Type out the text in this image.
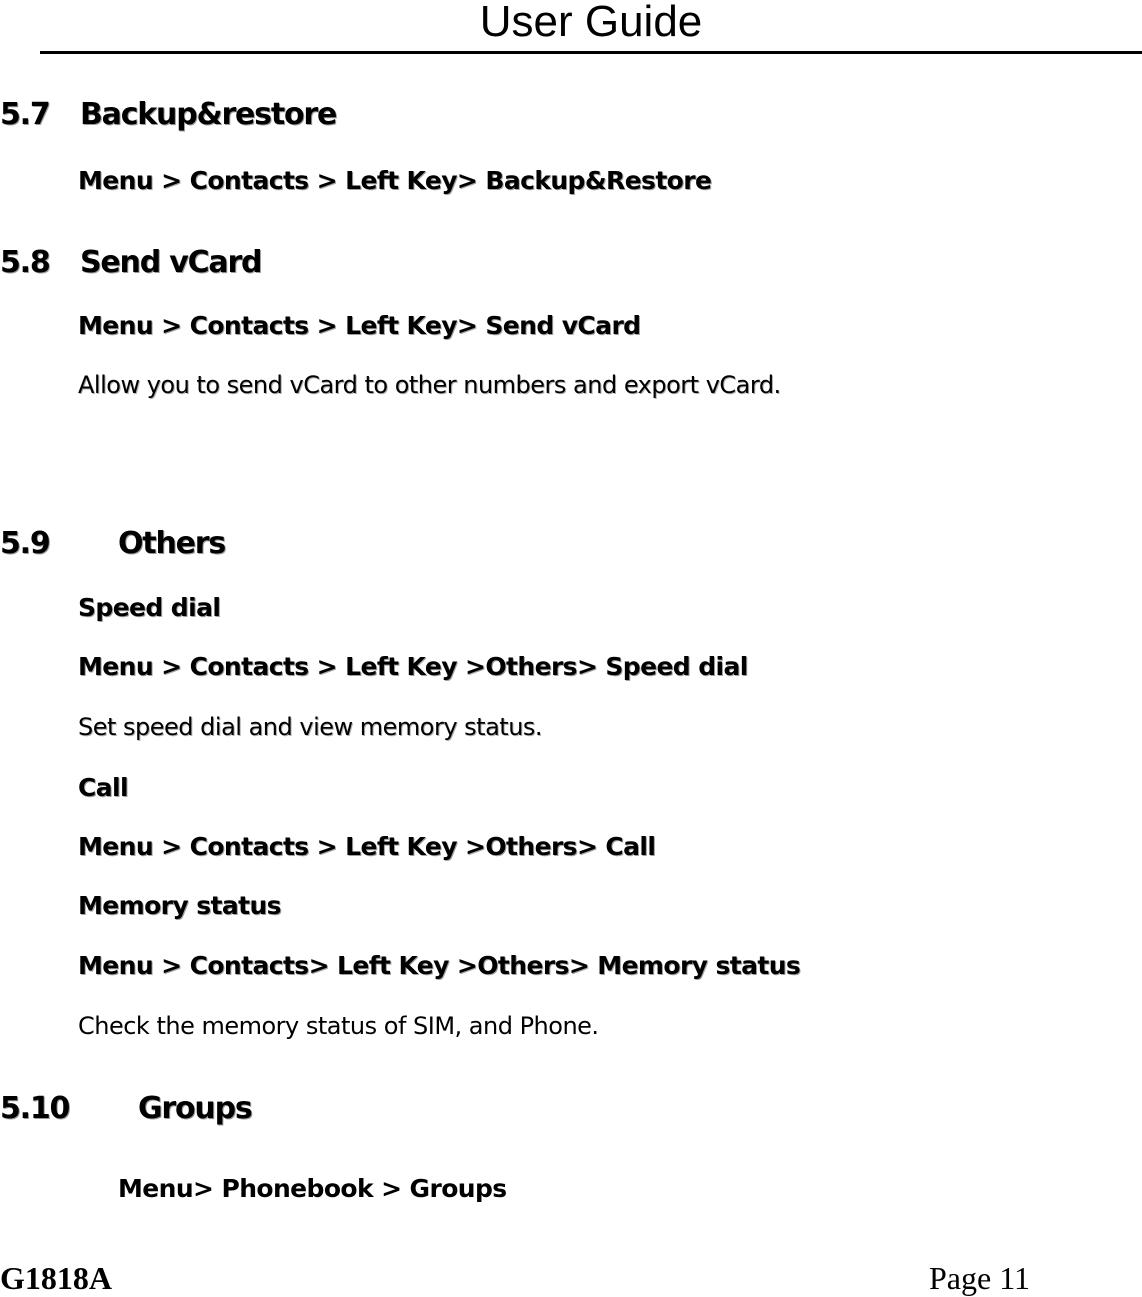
User Guide
5.7 Backup&restore
Menu > Contacts > Left Key> Backup&Restore
5.8 Send vCard
Menu > Contacts > Left Key> Send vCard
Allow you to send vCard to other numbers and export vCard.
5.9 Others
Speed dial
Menu > Contacts > Left Key >Others> Speed dial
Set speed dial and view memory status.
Call
Menu > Contacts > Left Key >Others> Call
Memory status
Menu > Contacts> Left Key >Others> Memory status
Check the memory status of SIM, and Phone.
5.10 Groups
Menu> Phonebook > Groups
G1818A	Page 11
